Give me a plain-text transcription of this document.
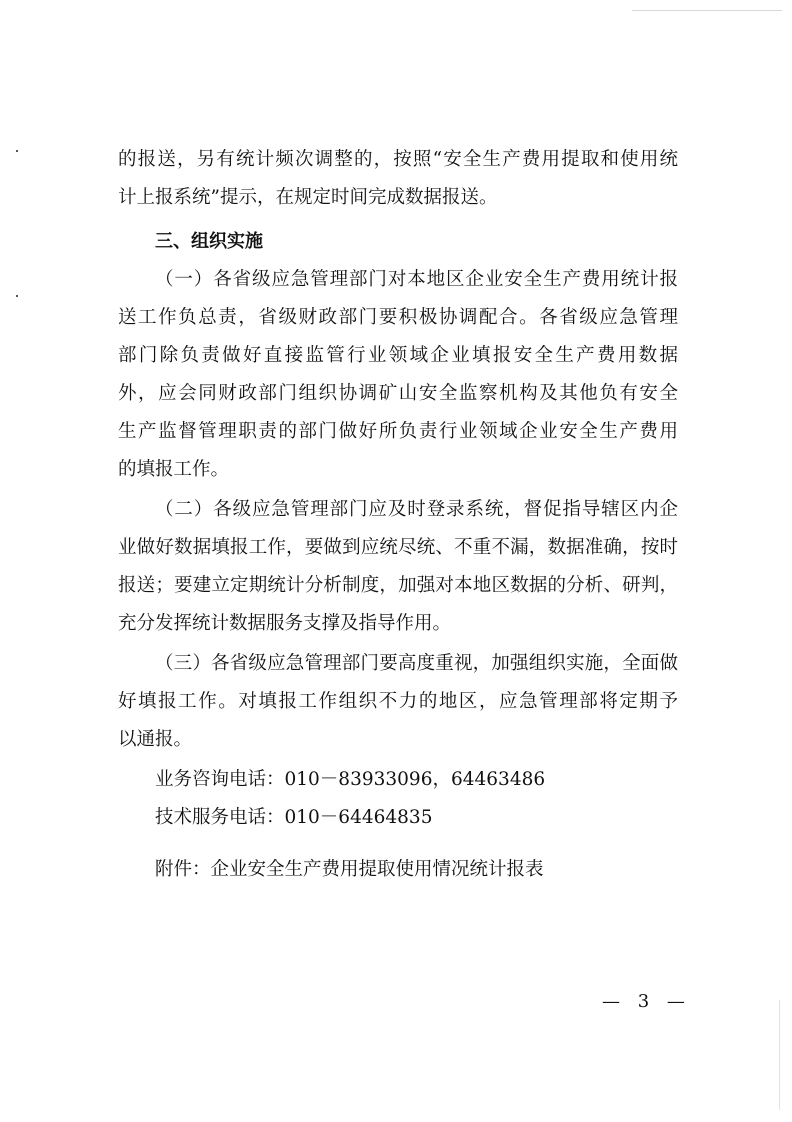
的报送，另有统计频次调整的，按照“安全生产费用提取和使用统
计上报系统”提示，在规定时间完成数据报送。
三、组织实施
（一）各省级应急管理部门对本地区企业安全生产费用统计报
送工作负总责，省级财政部门要积极协调配合。各省级应急管理
部门除负责做好直接监管行业领域企业填报安全生产费用数据
外，应会同财政部门组织协调矿山安全监察机构及其他负有安全
生产监督管理职责的部门做好所负责行业领域企业安全生产费用
的填报工作。
（二）各级应急管理部门应及时登录系统，督促指导辖区内企
业做好数据填报工作，要做到应统尽统、不重不漏，数据准确，按时
报送；要建立定期统计分析制度，加强对本地区数据的分析、研判，
充分发挥统计数据服务支撑及指导作用。
（三）各省级应急管理部门要高度重视，加强组织实施，全面做
好填报工作。对填报工作组织不力的地区，应急管理部将定期予
以通报。
业务咨询电话：010－83933096，64463486
技术服务电话：010－64464835
附件：企业安全生产费用提取使用情况统计报表
— 3 —
